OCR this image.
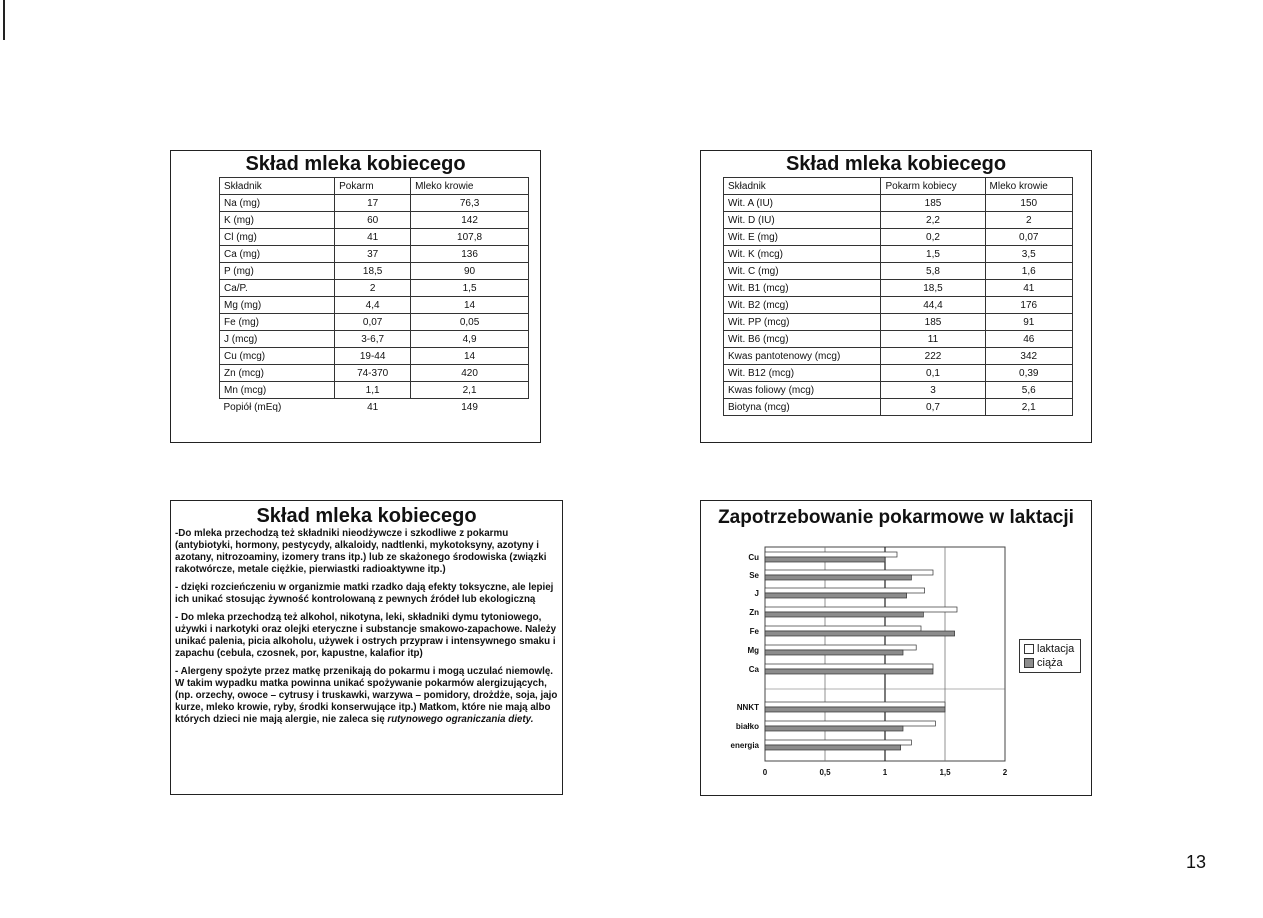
Skład mleka kobiecego
Składnik	Pokarm	Mleko krowie
Na (mg)	17	76,3
K (mg)	60	142
Cl (mg)	41	107,8
Ca (mg)	37	136
P (mg)	18,5	90
Ca/P.	2	1,5
Mg (mg)	4,4	14
Fe (mg)	0,07	0,05
J (mcg)	3-6,7	4,9
Cu (mcg)	19-44	14
Zn (mcg)	74-370	420
Mn (mcg)	1,1	2,1
Popiół (mEq)	41	149
Skład mleka kobiecego
Składnik	Pokarm kobiecy	Mleko krowie
Wit. A (IU)	185	150
Wit. D (IU)	2,2	2
Wit. E (mg)	0,2	0,07
Wit. K (mcg)	1,5	3,5
Wit. C (mg)	5,8	1,6
Wit. B1 (mcg)	18,5	41
Wit. B2 (mcg)	44,4	176
Wit. PP (mcg)	185	91
Wit. B6 (mcg)	11	46
Kwas pantotenowy (mcg)	222	342
Wit. B12 (mcg)	0,1	0,39
Kwas foliowy (mcg)	3	5,6
Biotyna (mcg)	0,7	2,1
Skład mleka kobiecego

-Do mleka przechodzą też składniki nieodżywcze i szkodliwe z pokarmu (antybiotyki, hormony, pestycydy, alkaloidy, nadtlenki, mykotoksyny, azotyny i azotany, nitrozoaminy, izomery trans itp.) lub ze skażonego środowiska (związki rakotwórcze, metale ciężkie, pierwiastki radioaktywne itp.)

- dzięki rozcieńczeniu w organizmie matki rzadko dają efekty toksyczne, ale lepiej ich unikać stosując żywność kontrolowaną z pewnych źródeł lub ekologiczną

- Do mleka przechodzą też alkohol, nikotyna, leki, składniki dymu tytoniowego, używki i narkotyki oraz olejki eteryczne i substancje smakowo-zapachowe. Należy unikać palenia, picia alkoholu, używek i ostrych przypraw i intensywnego smaku i zapachu (cebula, czosnek, por, kapustne, kalafior itp)

- Alergeny spożyte przez matkę przenikają do pokarmu i mogą uczulać niemowlę. W takim wypadku matka powinna unikać spożywanie pokarmów alergizujących, (np. orzechy, owoce – cytrusy i truskawki, warzywa – pomidory, drożdże, soja, jajo kurze, mleko krowie, ryby, środki konserwujące itp.) Matkom, które nie mają albo których dzieci nie mają alergie, nie zaleca się rutynowego ograniczania diety.

Zapotrzebowanie pokarmowe w laktacji
Cu
Se
J
Zn
Fe
Mg
Ca
NNKT
białko
energia
0	0,5	1	1,5	2
laktacja
ciąża
13
